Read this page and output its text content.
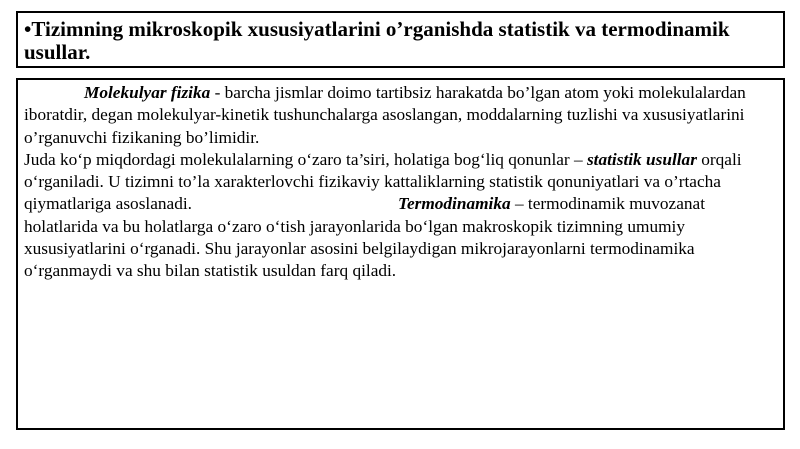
•Tizimning mikroskopik xususiyatlarini o’rganishda statistik va termodinamik usullar.

Molekulyar fizika - barcha jismlar doimo tartibsiz harakatda bo’lgan atom yoki molekulalardan iboratdir, degan molekulyar-kinetik tushunchalarga asoslangan, moddalarning tuzlishi va xususiyatlarini o’rganuvchi fizikaning bo’limidir.
Juda ko‘p miqdordagi molekulalarning o‘zaro ta’siri, holatiga bog‘liq qonunlar – statistik usullar orqali o‘rganiladi. U tizimni to’la xarakterlovchi fizikaviy kattaliklarning statistik qonuniyatlari va o’rtacha qiymatlariga asoslanadi.	Termodinamika – termodinamik muvozanat holatlarida va bu holatlarga o‘zaro o‘tish jarayonlarida bo‘lgan makroskopik tizimning umumiy xususiyatlarini o‘rganadi. Shu jarayonlar asosini belgilaydigan mikrojarayonlarni termodinamika o‘rganmaydi va shu bilan statistik usuldan farq qiladi.
